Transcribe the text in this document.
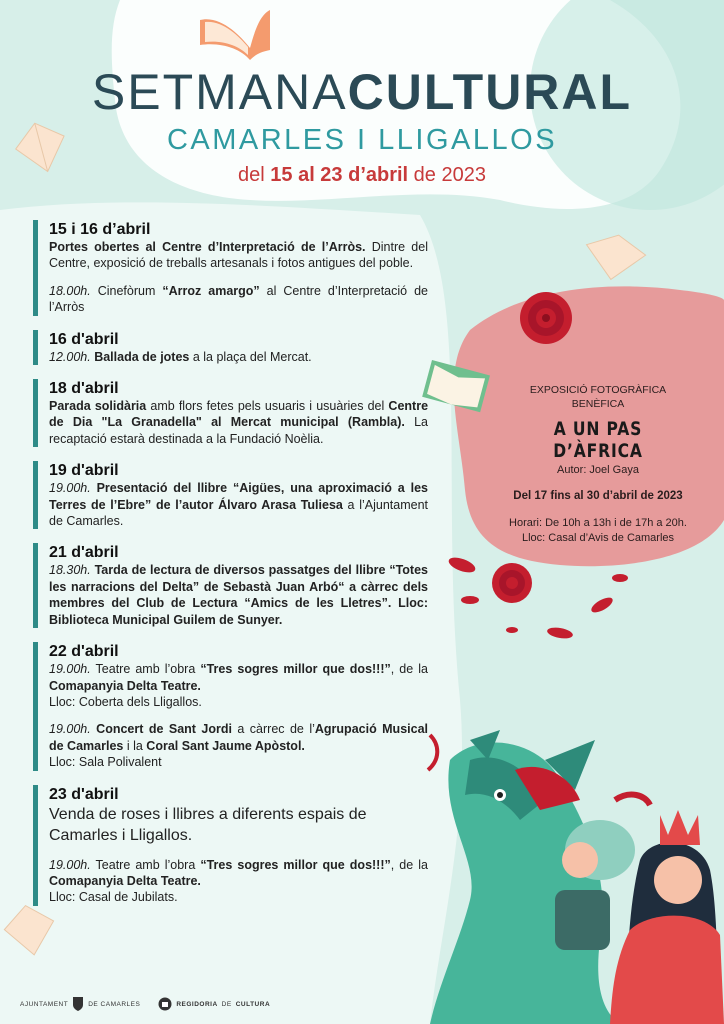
SETMANACULTURAL
CAMARLES I LLIGALLOS
del 15 al 23 d’abril de 2023
15 i 16 d’abril

Portes obertes al Centre d’Interpretació de l’Arròs. Dintre del Centre, exposició de treballs artesanals i fotos antigues del poble.

18.00h. Cinefòrum “Arroz amargo” al Centre d’Interpretació de l’Arròs

16 d'abril

12.00h. Ballada de jotes a la plaça del Mercat.

18 d'abril

Parada solidària amb flors fetes pels usuaris i usuàries del Centre de Dia "La Granadella" al Mercat municipal (Rambla). La recaptació estarà destinada a la Fundació Noèlia.

19 d'abril

19.00h. Presentació del llibre “Aigües, una aproximació a les Terres de l’Ebre” de l’autor Álvaro Arasa Tuliesa a l’Ajuntament de Camarles.

21 d'abril

18.30h. Tarda de lectura de diversos passatges del llibre “Totes les narracions del Delta” de Sebastà Juan Arbó“ a càrrec dels membres del Club de Lectura “Amics de les Lletres”. Lloc: Biblioteca Municipal Guilem de Sunyer.

22 d'abril

19.00h. Teatre amb l’obra “Tres sogres millor que dos!!!”, de la Comapanyia Delta Teatre.

Lloc: Coberta dels Lligallos.

19.00h. Concert de Sant Jordi a càrrec de l’Agrupació Musical de Camarles i la Coral Sant Jaume Apòstol.

Lloc: Sala Polivalent

23 d'abril

Venda de roses i llibres a diferents espais de Camarles i Lligallos.

19.00h. Teatre amb l’obra “Tres sogres millor que dos!!!”, de la Comapanyia Delta Teatre.

Lloc: Casal de Jubilats.

EXPOSICIÓ FOTOGRÀFICA
BENÈFICA
A UN PAS D’ÀFRICA
Autor: Joel Gaya
Del 17 fins al 30 d’abril de 2023
Horari: De 10h a 13h i de 17h a 20h.
Lloc: Casal d’Avis de Camarles
AJUNTAMENT	DE CAMARLES	REGIDORIA DE CULTURA
